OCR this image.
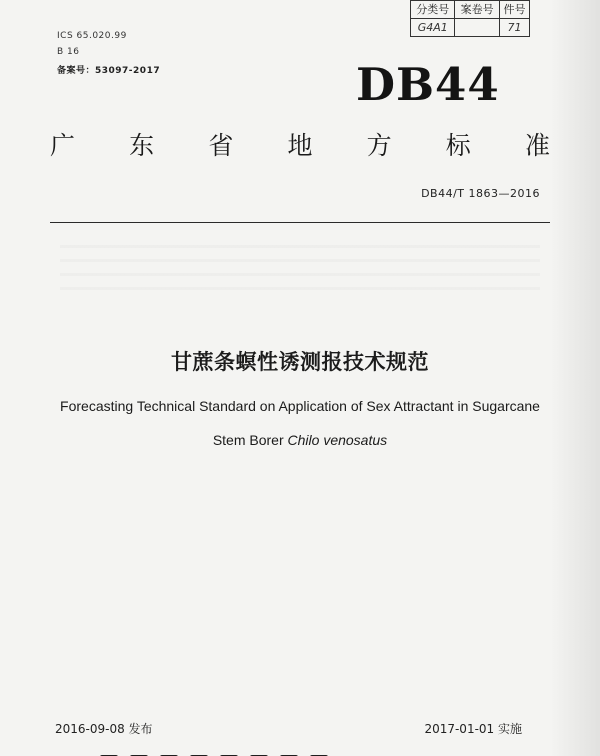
分类号	案卷号	件号
G4A1		71
ICS 65.020.99
B 16
备案号：53097-2017	DB44
广 东 省 地 方 标 准
DB44/T 1863—2016
甘蔗条螟性诱测报技术规范
Forecasting Technical Standard on Application of Sex Attractant in Sugarcane
Stem Borer Chilo venosatus
2016-09-08 发布	2017-01-01 实施
